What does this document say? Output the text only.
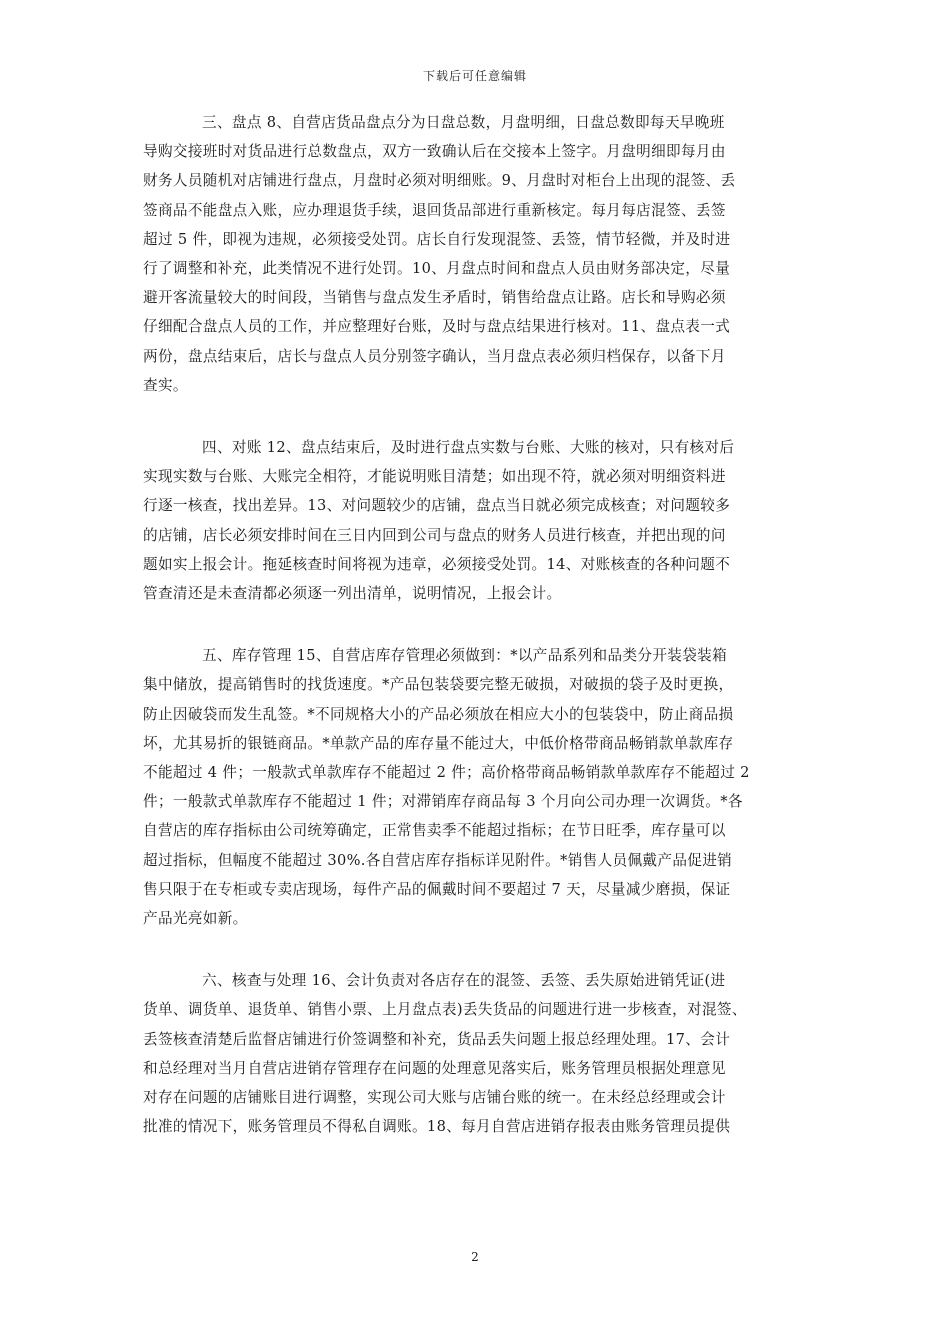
下载后可任意编辑

三、盘点 8、自营店货品盘点分为日盘总数，月盘明细，日盘总数即每天早晚班
导购交接班时对货品进行总数盘点，双方一致确认后在交接本上签字。月盘明细即每月由
财务人员随机对店铺进行盘点，月盘时必须对明细账。9、月盘时对柜台上出现的混签、丢
签商品不能盘点入账，应办理退货手续，退回货品部进行重新核定。每月每店混签、丢签
超过 5 件，即视为违规，必须接受处罚。店长自行发现混签、丢签，情节轻微，并及时进
行了调整和补充，此类情况不进行处罚。10、月盘点时间和盘点人员由财务部决定，尽量
避开客流量较大的时间段，当销售与盘点发生矛盾时，销售给盘点让路。店长和导购必须
仔细配合盘点人员的工作，并应整理好台账，及时与盘点结果进行核对。11、盘点表一式
两份，盘点结束后，店长与盘点人员分别签字确认，当月盘点表必须归档保存，以备下月
查实。

四、对账 12、盘点结束后，及时进行盘点实数与台账、大账的核对，只有核对后
实现实数与台账、大账完全相符，才能说明账目清楚；如出现不符，就必须对明细资料进
行逐一核查，找出差异。13、对问题较少的店铺，盘点当日就必须完成核查；对问题较多
的店铺，店长必须安排时间在三日内回到公司与盘点的财务人员进行核查，并把出现的问
题如实上报会计。拖延核查时间将视为违章，必须接受处罚。14、对账核查的各种问题不
管查清还是未查清都必须逐一列出清单，说明情况，上报会计。

五、库存管理 15、自营店库存管理必须做到：*以产品系列和品类分开装袋装箱
集中储放，提高销售时的找货速度。*产品包装袋要完整无破损，对破损的袋子及时更换，
防止因破袋而发生乱签。*不同规格大小的产品必须放在相应大小的包装袋中，防止商品损
坏，尤其易折的银链商品。*单款产品的库存量不能过大，中低价格带商品畅销款单款库存
不能超过 4 件；一般款式单款库存不能超过 2 件；高价格带商品畅销款单款库存不能超过 2
件；一般款式单款库存不能超过 1 件；对滞销库存商品每 3 个月向公司办理一次调货。*各
自营店的库存指标由公司统筹确定，正常售卖季不能超过指标；在节日旺季，库存量可以
超过指标，但幅度不能超过 30%.各自营店库存指标详见附件。*销售人员佩戴产品促进销
售只限于在专柜或专卖店现场，每件产品的佩戴时间不要超过 7 天，尽量减少磨损，保证
产品光亮如新。

六、核查与处理 16、会计负责对各店存在的混签、丢签、丢失原始进销凭证(进
货单、调货单、退货单、销售小票、上月盘点表)丢失货品的问题进行进一步核查，对混签、
丢签核查清楚后监督店铺进行价签调整和补充，货品丢失问题上报总经理处理。17、会计
和总经理对当月自营店进销存管理存在问题的处理意见落实后，账务管理员根据处理意见
对存在问题的店铺账目进行调整，实现公司大账与店铺台账的统一。在未经总经理或会计
批准的情况下，账务管理员不得私自调账。18、每月自营店进销存报表由账务管理员提供

2
